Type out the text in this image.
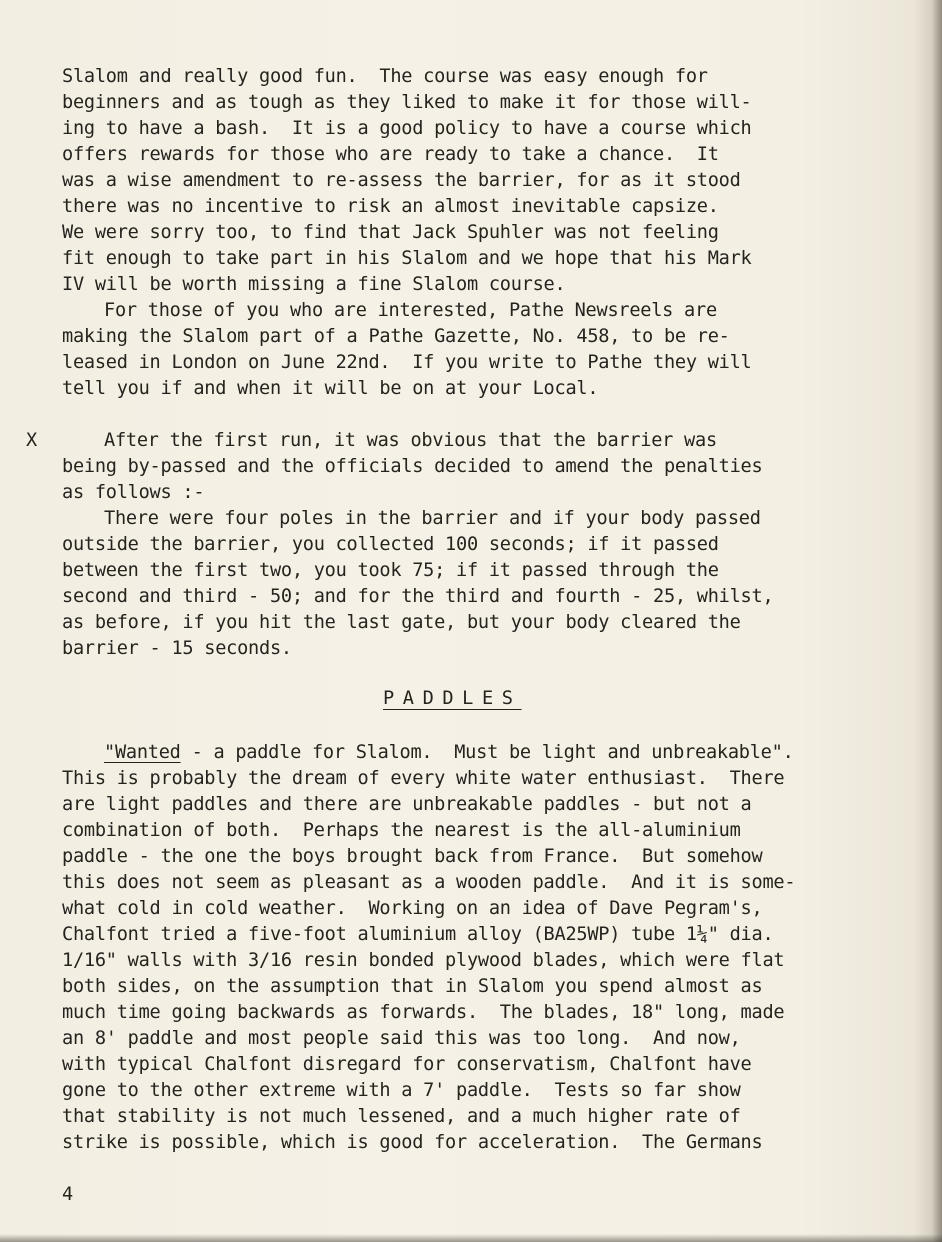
Slalom and really good fun.  The course was easy enough for
beginners and as tough as they liked to make it for those will-
ing to have a bash.  It is a good policy to have a course which
offers rewards for those who are ready to take a chance.  It
was a wise amendment to re-assess the barrier, for as it stood
there was no incentive to risk an almost inevitable capsize.
We were sorry too, to find that Jack Spuhler was not feeling
fit enough to take part in his Slalom and we hope that his Mark
IV will be worth missing a fine Slalom course.
For those of you who are interested, Pathe Newsreels are
making the Slalom part of a Pathe Gazette, No. 458, to be re-
leased in London on June 22nd.  If you write to Pathe they will
tell you if and when it will be on at your Local.
X	After the first run, it was obvious that the barrier was
being by-passed and the officials decided to amend the penalties
as follows :-
There were four poles in the barrier and if your body passed
outside the barrier, you collected 100 seconds; if it passed
between the first two, you took 75; if it passed through the
second and third - 50; and for the third and fourth - 25, whilst,
as before, if you hit the last gate, but your body cleared the
barrier - 15 seconds.
PADDLES
"Wanted - a paddle for Slalom.  Must be light and unbreakable".
This is probably the dream of every white water enthusiast.  There
are light paddles and there are unbreakable paddles - but not a
combination of both.  Perhaps the nearest is the all-aluminium
paddle - the one the boys brought back from France.  But somehow
this does not seem as pleasant as a wooden paddle.  And it is some-
what cold in cold weather.  Working on an idea of Dave Pegram's,
Chalfont tried a five-foot aluminium alloy (BA25WP) tube 1¼" dia.
1/16" walls with 3/16 resin bonded plywood blades, which were flat
both sides, on the assumption that in Slalom you spend almost as
much time going backwards as forwards.  The blades, 18" long, made
an 8' paddle and most people said this was too long.  And now,
with typical Chalfont disregard for conservatism, Chalfont have
gone to the other extreme with a 7' paddle.  Tests so far show
that stability is not much lessened, and a much higher rate of
strike is possible, which is good for acceleration.  The Germans
4
